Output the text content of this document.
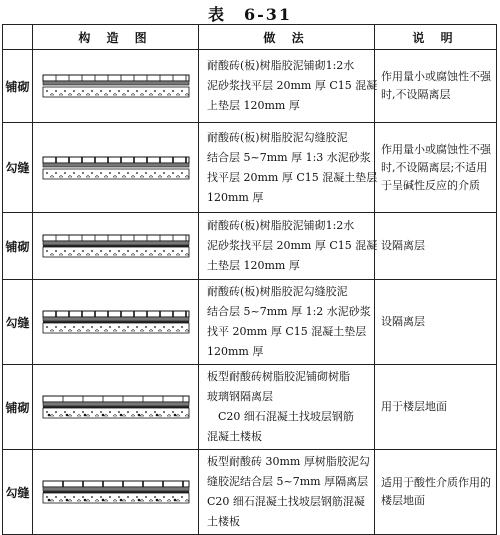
表　6-31
	构 造 图	做 法	说 明
铺砌		耐酸砖(板)树脂胶泥铺砌1:2水
泥砂浆找平层 20mm 厚 C15 混凝
上垫层 120mm 厚	作用量小或腐蚀性不强
时,不设隔离层

勾缝		耐酸砖(板)树脂胶泥勾缝胶泥
结合层 5~7mm 厚 1:3 水泥砂浆
找平层 20mm 厚 C15 混凝土垫层
120mm 厚	作用量小或腐蚀性不强
时,不设隔离层;不适用
于呈碱性反应的介质

铺砌		耐酸砖(板)树脂胶泥铺砌1:2水
泥砂浆找平层 20mm 厚 C15 混凝
土垫层 120mm 厚	设隔离层

勾缝		耐酸砖(板)树脂胶泥勾缝胶泥
结合层 5~7mm 厚 1:2 水泥砂浆
找平 20mm 厚 C15 混凝土垫层
120mm 厚	设隔离层

铺砌		板型耐酸砖树脂胶泥铺砌树脂
玻璃钢隔离层
　C20 细石混凝土找坡层钢筋
混凝土楼板	用于楼层地面

勾缝		板型耐酸砖 30mm 厚树脂胶泥勾
缝胶泥结合层 5~7mm 厚隔离层
C20 细石混凝土找坡层钢筋混凝
土楼板	适用于酸性介质作用的
楼层地面
